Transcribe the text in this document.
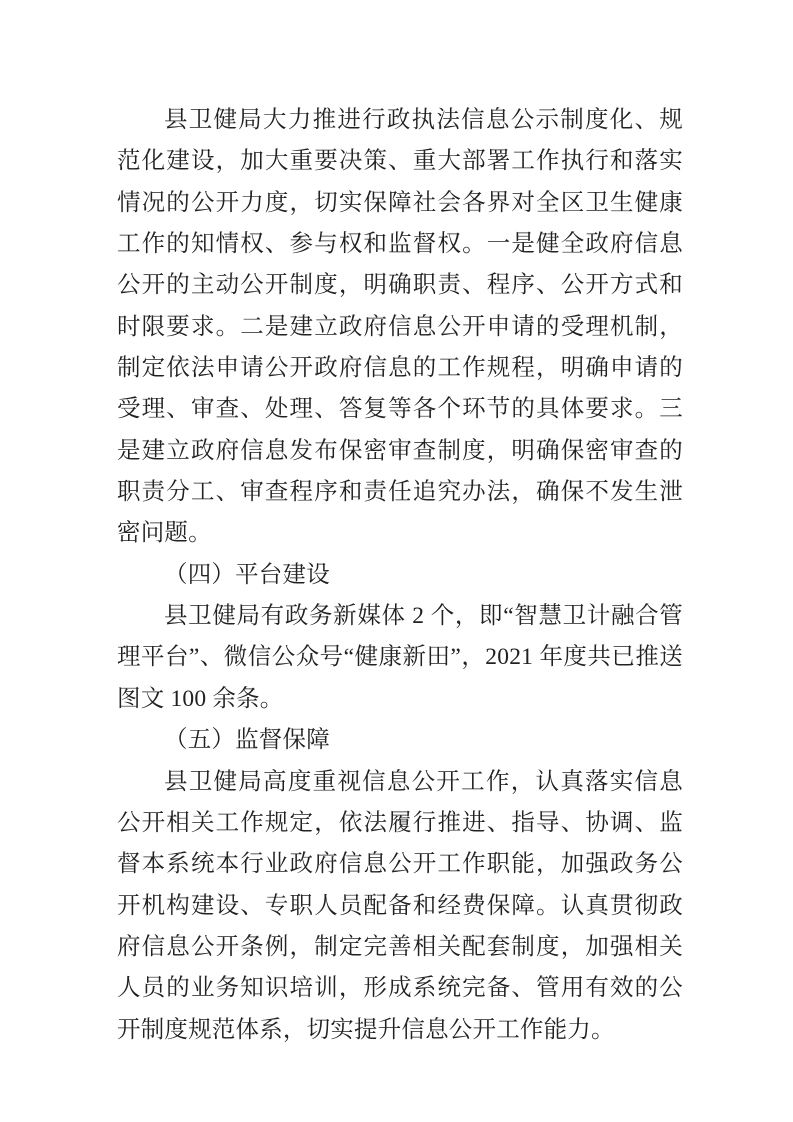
县卫健局大力推进行政执法信息公示制度化、规范化建设，加大重要决策、重大部署工作执行和落实情况的公开力度，切实保障社会各界对全区卫生健康工作的知情权、参与权和监督权。一是健全政府信息公开的主动公开制度，明确职责、程序、公开方式和时限要求。二是建立政府信息公开申请的受理机制，制定依法申请公开政府信息的工作规程，明确申请的受理、审查、处理、答复等各个环节的具体要求。三是建立政府信息发布保密审查制度，明确保密审查的职责分工、审查程序和责任追究办法，确保不发生泄密问题。

（四）平台建设

县卫健局有政务新媒体 2 个，即“智慧卫计融合管理平台”、微信公众号“健康新田”，2021 年度共已推送图文 100 余条。

（五）监督保障

县卫健局高度重视信息公开工作，认真落实信息公开相关工作规定，依法履行推进、指导、协调、监督本系统本行业政府信息公开工作职能，加强政务公开机构建设、专职人员配备和经费保障。认真贯彻政府信息公开条例，制定完善相关配套制度，加强相关人员的业务知识培训，形成系统完备、管用有效的公开制度规范体系，切实提升信息公开工作能力。
